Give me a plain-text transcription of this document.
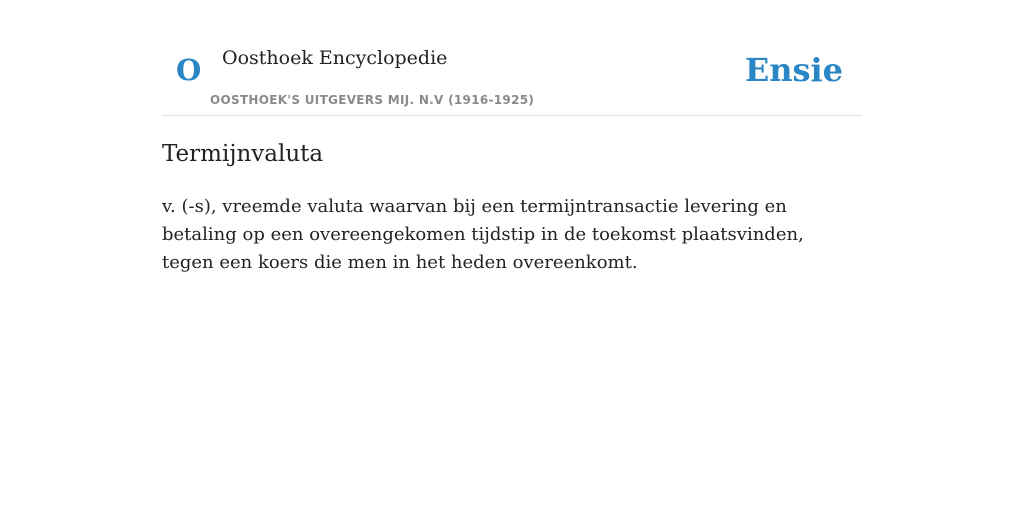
O Oosthoek Encyclopedie
OOSTHOEK'S UITGEVERS MIJ. N.V (1916-1925)
Ensie
Termijnvaluta

v. (-s), vreemde valuta waarvan bij een termijntransactie levering en betaling op een overeengekomen tijdstip in de toekomst plaatsvinden, tegen een koers die men in het heden overeenkomt.
